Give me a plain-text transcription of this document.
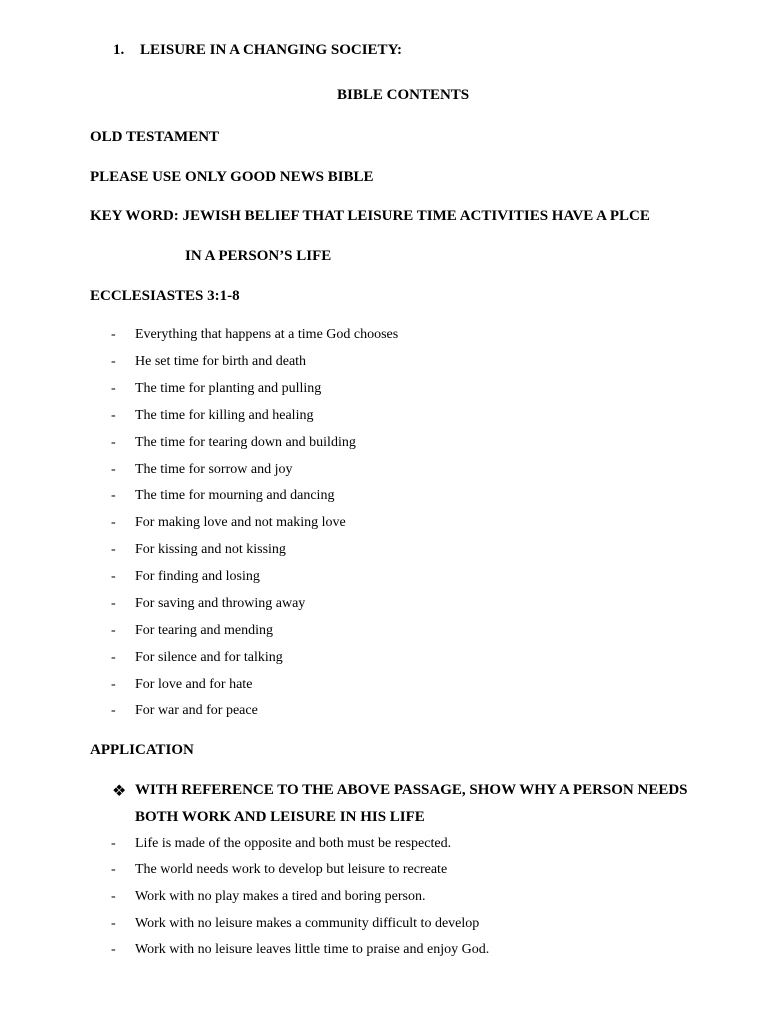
1. LEISURE IN A CHANGING SOCIETY:
BIBLE CONTENTS
OLD TESTAMENT
PLEASE USE ONLY GOOD NEWS BIBLE
KEY WORD: JEWISH BELIEF THAT LEISURE TIME ACTIVITIES HAVE A PLCE
IN A PERSON’S LIFE
ECCLESIASTES 3:1-8
- Everything that happens at a time God chooses
- He set time for birth and death
- The time for planting and pulling
- The time for killing and healing
- The time for tearing down and building
- The time for sorrow and joy
- The time for mourning and dancing
- For making love and not making love
- For kissing and not kissing
- For finding and losing
- For saving and throwing away
- For tearing and mending
- For silence and for talking
- For love and for hate
- For war and for peace
APPLICATION
❖ WITH REFERENCE TO THE ABOVE PASSAGE, SHOW WHY A PERSON NEEDS
BOTH WORK AND LEISURE IN HIS LIFE
- Life is made of the opposite and both must be respected.
- The world needs work to develop but leisure to recreate
- Work with no play makes a tired and boring person.
- Work with no leisure makes a community difficult to develop
- Work with no leisure leaves little time to praise and enjoy God.
